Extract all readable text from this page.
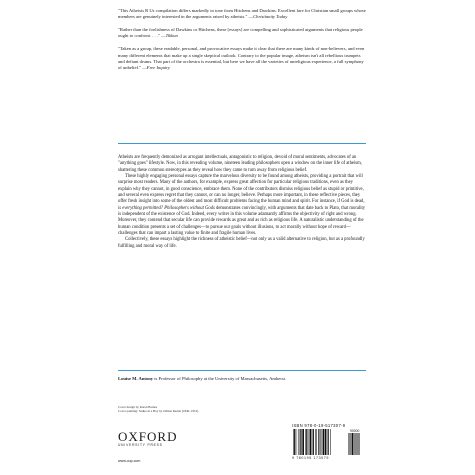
"This Atheists R Us compilation differs markedly in tone from Hitchens and Dawkins. Excellent fare for Christian small groups whose members are genuinely interested in the arguments raised by atheists." —Christianity Today

"Rather than the foolishness of Dawkins or Hitchens, these [essays] are compelling and sophisticated arguments that religious people ought to confront. . . ." —Tikkun

"Taken as a group, these readable, personal, and provocative essays make it clear that there are many kinds of non-believers, and even many different elements that make up a single skeptical outlook. Contrary to the popular image, atheism isn't all rebellious trumpets and defiant drums. That part of the orchestra is essential, but here we have all the varieties of unreligious experience, a full symphony of unbelief." —Free Inquiry

Atheists are frequently demonized as arrogant intellectuals, antagonistic to religion, devoid of moral sentiments, advocates of an "anything goes" lifestyle. Now, in this revealing volume, nineteen leading philosophers open a window on the inner life of atheism, shattering these common stereotypes as they reveal how they came to turn away from religious belief.

These highly engaging personal essays capture the marvelous diversity to be found among atheists, providing a portrait that will surprise most readers. Many of the authors, for example, express great affection for particular religious traditions, even as they explain why they cannot, in good conscience, embrace them. None of the contributors dismiss religious belief as stupid or primitive, and several even express regret that they cannot, or can no longer, believe. Perhaps more important, in these reflective pieces, they offer fresh insight into some of the oldest and most difficult problems facing the human mind and spirit. For instance, if God is dead, is everything permitted? Philosophers without Gods demonstrates convincingly, with arguments that date back to Plato, that morality is independent of the existence of God. Indeed, every writer in this volume adamantly affirms the objectivity of right and wrong. Moreover, they contend that secular life can provide rewards as great and as rich as religious life. A naturalistic understanding of the human condition presents a set of challenges—to pursue our goals without illusions, to act morally without hope of reward—challenges that can impart a lasting value to finite and fragile human lives.

Collectively, these essays highlight the richness of atheistic belief—not only as a valid alternative to religion, but as a profoundly fulfilling and moral way of life.

Louise M. Antony is Professor of Philosophy at the University of Massachusetts, Amherst.
Cover design by Karen Barnes
Cover painting: Sadko in a Boy by Odilon Redon (1840–1916)
OXFORD
UNIVERSITY PRESS
www.oup.com
ISBN 978-0-19-517307-9
90000
9 780195 173079
